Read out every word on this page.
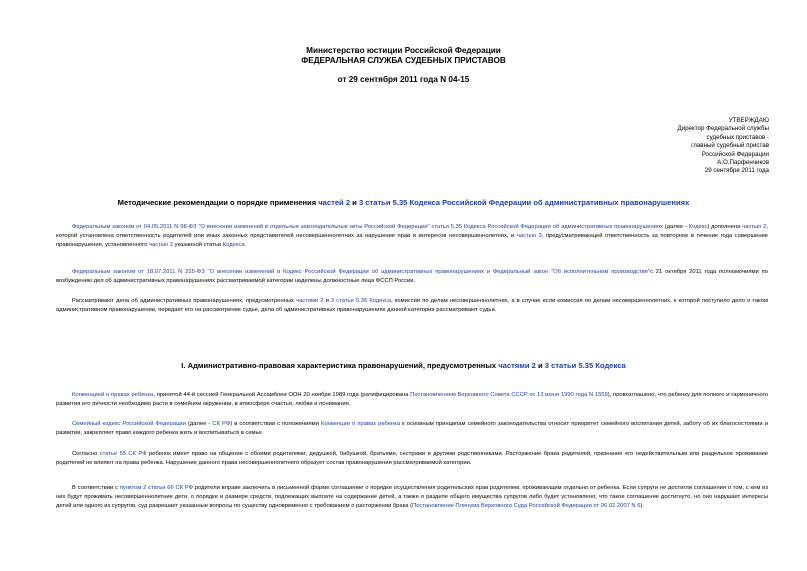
Министерство юстиции Российской Федерации
ФЕДЕРАЛЬНАЯ СЛУЖБА СУДЕБНЫХ ПРИСТАВОВ
от 29 сентября 2011 года N 04-15
УТВЕРЖДАЮ
Директор Федеральной службы
судебных приставов -
главный судебный пристав
Российской Федерации
А.О.Парфенчиков
29 сентября 2011 года
Методические рекомендации о порядке применения частей 2 и 3 статьи 5.35 Кодекса Российской Федерации об административных правонарушениях
Федеральным законом от 04.05.2011 N 98-ФЗ "О внесении изменений в отдельные законодательные акты Российской Федерации" статья 5.35 Кодекса Российской Федерации об административных правонарушениях (далее - Кодекс) дополнена частью 2, которой установлена ответственность родителей или иных законных представителей несовершеннолетних за нарушение прав и интересов несовершеннолетних, и частью 3, предусматривающей ответственность за повторное в течение года совершение правонарушения, установленного частью 2 указанной статьи Кодекса.
Федеральным законом от 18.07.2011 N 225-ФЗ "О внесении изменений в Кодекс Российской Федерации об административных правонарушениях и Федеральный закон "Об исполнительном производстве"с 21 октября 2011 года полномочиями по возбуждению дел об административных правонарушениях рассматриваемой категории наделены должностные лица ФССП России.
Рассматривают дела об административных правонарушениях, предусмотренных частями 2 и 3 статьи 5.35 Кодекса, комиссии по делам несовершеннолетних, а в случае если комиссия по делам несовершеннолетних, к которой поступило дело о таком административном правонарушении, передает его на рассмотрение судье, дела об административных правонарушениях данной категории рассматривают судьи.
I. Административно-правовая характеристика правонарушений, предусмотренных частями 2 и 3 статьи 5.35 Кодекса
Конвенцией о правах ребенка, принятой 44-й сессией Генеральной Ассамблеи ООН 20 ноября 1989 года (ратифицирована Постановлением Верховного Совета СССР от 13 июня 1990 года N 1559), провозглашено, что ребенку для полного и гармоничного развития его личности необходимо расти в семейном окружении, в атмосфере счастья, любви и понимания.
Семейный кодекс Российской Федерации (далее - СК РФ) в соответствии с положениями Конвенции о правах ребенка к основным принципам семейного законодательства относит приоритет семейного воспитания детей, заботу об их благосостоянии и развитии, закрепляет право каждого ребенка жить и воспитываться в семье.
Согласно статье 55 СК РФ ребенок имеет право на общение с обоими родителями, дедушкой, бабушкой, братьями, сестрами и другими родственниками. Расторжение брака родителей, признание его недействительным или раздельное проживание родителей не влияют на права ребенка. Нарушение данного права несовершеннолетнего образует состав правонарушения рассматриваемой категории.
В соответствии с пунктом 2 статьи 66 СК РФ родители вправе заключить в письменной форме соглашение о порядке осуществления родительских прав родителем, проживающим отдельно от ребенка. Если супруги не достигли соглашения о том, с кем из них будут проживать несовершеннолетние дети, о порядке и размере средств, подлежащих выплате на содержание детей, а также о разделе общего имущества супругов либо будет установлено, что такое соглашение достигнуто, но оно нарушает интересы детей или одного из супругов, суд разрешает указанные вопросы по существу одновременно с требованием о расторжении брака (Постановление Пленума Верховного Суда Российской Федерации от 06.02.2007 N 6).
